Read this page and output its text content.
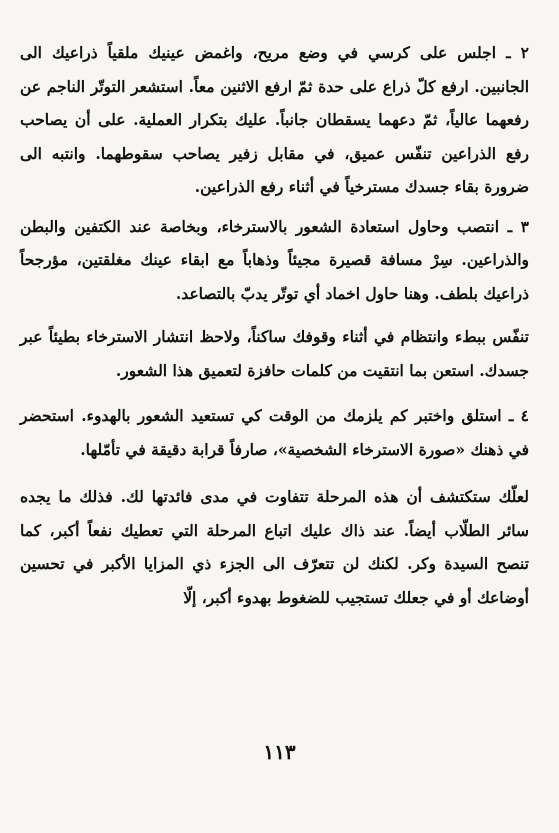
٢ ـ اجلس على كرسي في وضع مريح، واغمض عينيك ملقياً ذراعيك الى الجانبين. ارفع كلّ ذراع على حدة ثمّ ارفع الاثنين معاً. استشعر التوتّر الناجم عن رفعهما عالياً، ثمّ دعهما يسقطان جانباً. عليك بتكرار العملية. على أن يصاحب رفع الذراعين تنفّس عميق، في مقابل زفير يصاحب سقوطهما. وانتبه الى ضرورة بقاء جسدك مسترخياً في أثناء رفع الذراعين.

٣ ـ انتصب وحاول استعادة الشعور بالاسترخاء، وبخاصة عند الكتفين والبطن والذراعين. سِرْ مسافة قصيرة مجيئاً وذهاباً مع ابقاء عينك مغلقتين، مؤرجحاً ذراعيك بلطف. وهنا حاول اخماد أي توتّر يدبّ بالتصاعد.

تنفّس ببطء وانتظام في أثناء وقوفك ساكناً، ولاحظ انتشار الاسترخاء بطيئاً عبر جسدك. استعن بما انتقيت من كلمات حافزة لتعميق هذا الشعور.

٤ ـ استلق واختبر كم يلزمك من الوقت كي تستعيد الشعور بالهدوء. استحضر في ذهنك «صورة الاسترخاء الشخصية»، صارفاً قرابة دقيقة في تأمّلها.

لعلّك ستكتشف أن هذه المرحلة تتفاوت في مدى فائدتها لك. فذلك ما يجده سائر الطلّاب أيضاً. عند ذاك عليك اتباع المرحلة التي تعطيك نفعاً أكبر، كما تنصح السيدة وكر. لكنك لن تتعرّف الى الجزء ذي المزايا الأكبر في تحسين أوضاعك أو في جعلك تستجيب للضغوط بهدوء أكبر، إلّا

١١٣
